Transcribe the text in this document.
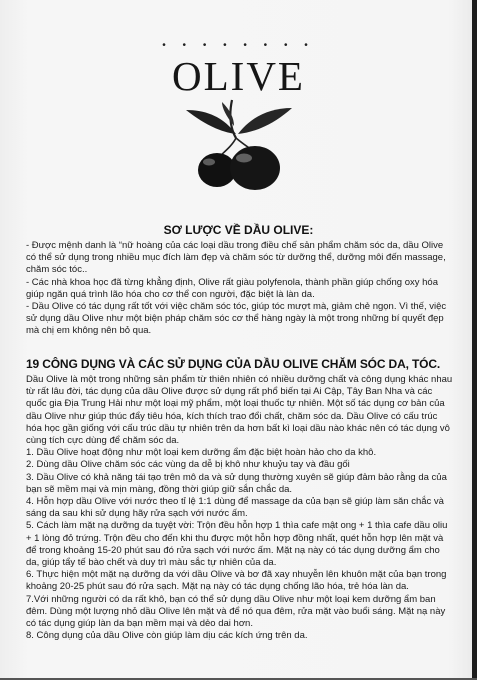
• • • • • • • •
OLIVE
SƠ LƯỢC VỀ DẦU OLIVE:

- Được mệnh danh là “nữ hoàng của các loại dầu trong điều chế sản phẩm chăm sóc da, dầu Olive có thể sử dụng trong nhiều mục đích làm đẹp và chăm sóc từ dưỡng thể, dưỡng môi đến massage, chăm sóc tóc..

- Các nhà khoa học đã từng khẳng định, Olive rất giàu polyfenola, thành phần giúp chống oxy hóa giúp ngăn quá trình lão hóa cho cơ thể con người, đặc biệt là làn da.

- Dầu Olive có tác dụng rất tốt với việc chăm sóc tóc, giúp tóc mượt mà, giảm chẻ ngọn. Vì thế, việc sử dụng dầu Olive như một biện pháp chăm sóc cơ thể hàng ngày là một trong những bí quyết đẹp mà chị em không nên bỏ qua.

19 CÔNG DỤNG VÀ CÁC SỬ DỤNG CỦA DẦU OLIVE CHĂM SÓC DA, TÓC.

Dầu Olive là một trong những sản phẩm từ thiên nhiên có nhiều dưỡng chất và công dụng khác nhau từ rất lâu đời, tác dụng của dầu Olive được sử dụng rất phổ biến tại Ai Cập, Tây Ban Nha và các quốc gia Địa Trung Hải như một loại mỹ phẩm, một loại thuốc tự nhiên. Một số tác dụng cơ bản của dầu Olive như giúp thúc đẩy tiêu hóa, kích thích trao đổi chất, chăm sóc da. Dầu Olive có cấu trúc hóa học gần giống với cấu trúc dầu tự nhiên trên da hơn bất kì loại dầu nào khác nên có tác dụng vô cùng tích cực dùng để chăm sóc da.

1. Dầu Olive hoạt động như một loại kem dưỡng ẩm đặc biệt hoàn hảo cho da khô.

2. Dùng dầu Olive chăm sóc các vùng da dễ bị khô như khuỷu tay và đầu gối

3. Dầu Olive có khả năng tái tạo trên mô da và sử dụng thường xuyên sẽ giúp đảm bảo rằng da của bạn sẽ mềm mại và mịn màng, đồng thời giúp giữ sắn chắc da.

4. Hỗn hợp dầu Olive với nước theo tỉ lệ 1:1 dùng để massage da của bạn sẽ giúp làm săn chắc và sáng da sau khi sử dụng hãy rửa sạch với nước ấm.

5. Cách làm mặt nạ dưỡng da tuyệt vời: Trộn đều hỗn hợp 1 thìa cafe mật ong + 1 thìa cafe dầu oliu + 1 lòng đỏ trứng. Trộn đều cho đến khi thu được một hỗn hợp đồng nhất, quét hỗn hợp lên mặt và để trong khoảng 15-20 phút sau đó rửa sạch với nước ấm. Mặt nạ này có tác dụng dưỡng ẩm cho da, giúp tẩy tế bào chết và duy trì màu sắc tự nhiên của da.

6. Thực hiện một mặt nạ dưỡng da với dầu Olive và bơ đã xay nhuyễn lên khuôn mặt của bạn trong khoảng 20-25 phút sau đó rửa sạch. Mặt nạ này có tác dụng chống lão hóa, trẻ hóa làn da.

7.Với những người có da rất khô, bạn có thể sử dụng dầu Olive như một loại kem dưỡng ẩm ban đêm. Dùng một lượng nhỏ dầu Olive lên mặt và để nó qua đêm, rửa mặt vào buổi sáng. Mặt nạ này có tác dụng giúp làn da bạn mềm mại và dẻo dai hơn.

8. Công dụng của dầu Olive còn giúp làm dịu các kích ứng trên da.
